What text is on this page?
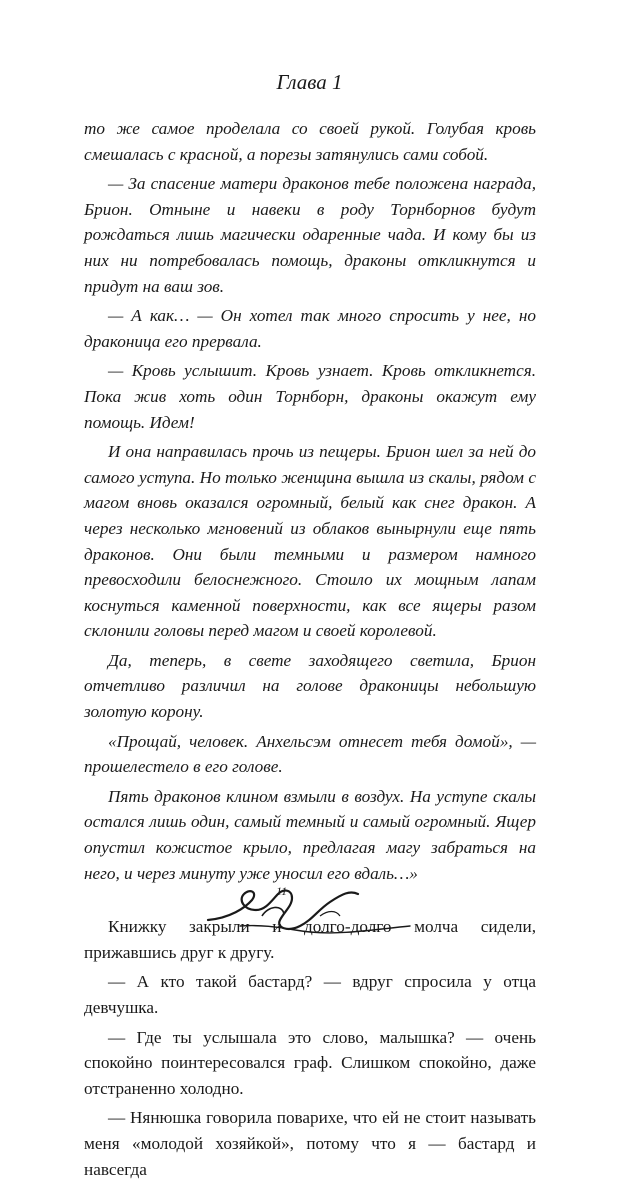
Глава 1

то же самое проделала со своей рукой. Голубая кровь смешалась с красной, а порезы затянулись сами собой.

— За спасение матери драконов тебе положена награда, Брион. Отныне и навеки в роду Торнборнов будут рождаться лишь магически одаренные чада. И кому бы из них ни потребовалась помощь, драконы откликнутся и придут на ваш зов.

— А как… — Он хотел так много спросить у нее, но драконица его прервала.

— Кровь услышит. Кровь узнает. Кровь откликнется. Пока жив хоть один Торнборн, драконы окажут ему помощь. Идем!

И она направилась прочь из пещеры. Брион шел за ней до самого уступа. Но только женщина вышла из скалы, рядом с магом вновь оказался огромный, белый как снег дракон. А через несколько мгновений из облаков вынырнули еще пять драконов. Они были темными и размером намного превосходили белоснежного. Стоило их мощным лапам коснуться каменной поверхности, как все ящеры разом склонили головы перед магом и своей королевой.

Да, теперь, в свете заходящего светила, Брион отчетливо различил на голове драконицы небольшую золотую корону.

«Прощай, человек. Анхельсэм отнесет тебя домой», — прошелестело в его голове.

Пять драконов клином взмыли в воздух. На уступе скалы остался лишь один, самый темный и самый огромный. Ящер опустил кожистое крыло, предлагая магу забраться на него, и через минуту уже уносил его вдаль…»

Книжку закрыли и долго-долго молча сидели, прижавшись друг к другу.

— А кто такой бастард? — вдруг спросила у отца девчушка.

— Где ты услышала это слово, малышка? — очень спокойно поинтересовался граф. Слишком спокойно, даже отстраненно холодно.

— Нянюшка говорила поварихе, что ей не стоит называть меня «молодой хозяйкой», потому что я — бастард и навсегда

11
